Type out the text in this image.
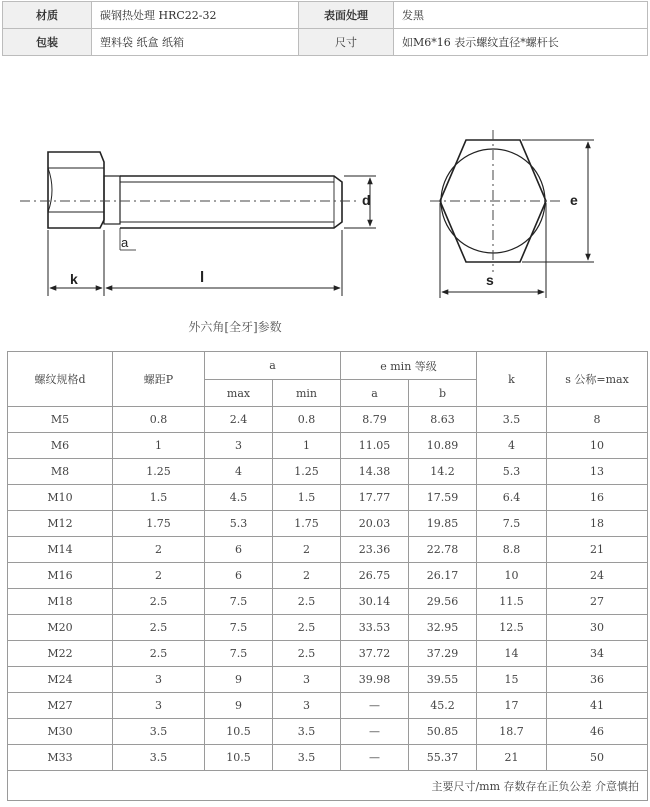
材质	碳钢热处理 HRC22-32	表面处理	发黑
包装	塑料袋 纸盒 纸箱	尺寸	如M6*16 表示螺纹直径*螺杆长
d
a
k	l
e
s
外六角[全牙]参数
螺纹规格d	螺距P	a		e min 等级		k	s 公称=max
		max	min	a	b		
M5	0.8	2.4	0.8	8.79	8.63	3.5	8
M6	1	3	1	11.05	10.89	4	10
M8	1.25	4	1.25	14.38	14.2	5.3	13
M10	1.5	4.5	1.5	17.77	17.59	6.4	16
M12	1.75	5.3	1.75	20.03	19.85	7.5	18
M14	2	6	2	23.36	22.78	8.8	21
M16	2	6	2	26.75	26.17	10	24
M18	2.5	7.5	2.5	30.14	29.56	11.5	27
M20	2.5	7.5	2.5	33.53	32.95	12.5	30
M22	2.5	7.5	2.5	37.72	37.29	14	34
M24	3	9	3	39.98	39.55	15	36
M27	3	9	3	—	45.2	17	41
M30	3.5	10.5	3.5	—	50.85	18.7	46
M33	3.5	10.5	3.5	—	55.37	21	50
主要尺寸/mm 存数存在正负公差 介意慎拍							
